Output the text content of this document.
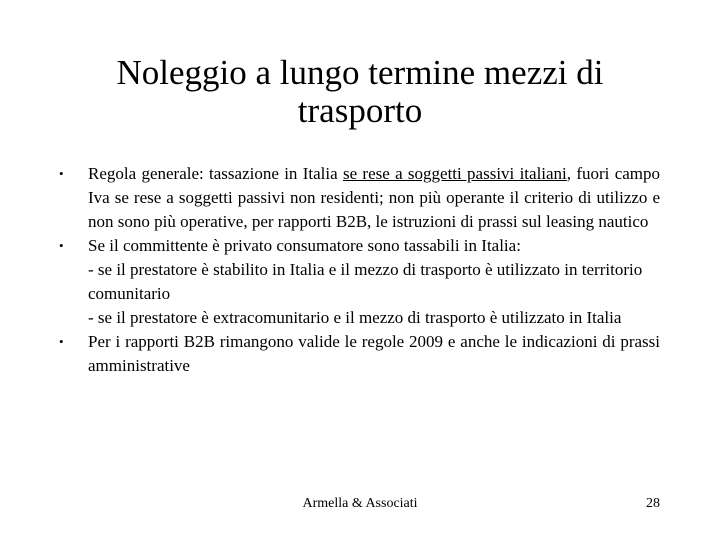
Noleggio a lungo termine mezzi di trasporto
• Regola generale: tassazione in Italia se rese a soggetti passivi italiani, fuori campo Iva se rese a soggetti passivi non residenti; non più operante il criterio di utilizzo e non sono più operative, per rapporti B2B, le istruzioni di prassi sul leasing nautico
• Se il committente è privato consumatore sono tassabili in Italia:
- se il prestatore è stabilito in Italia e il mezzo di trasporto è utilizzato in territorio comunitario
- se il prestatore è extracomunitario e il mezzo di trasporto è utilizzato in Italia
• Per i rapporti B2B rimangono valide le regole 2009 e anche le indicazioni di prassi amministrative
Armella & Associati	28
